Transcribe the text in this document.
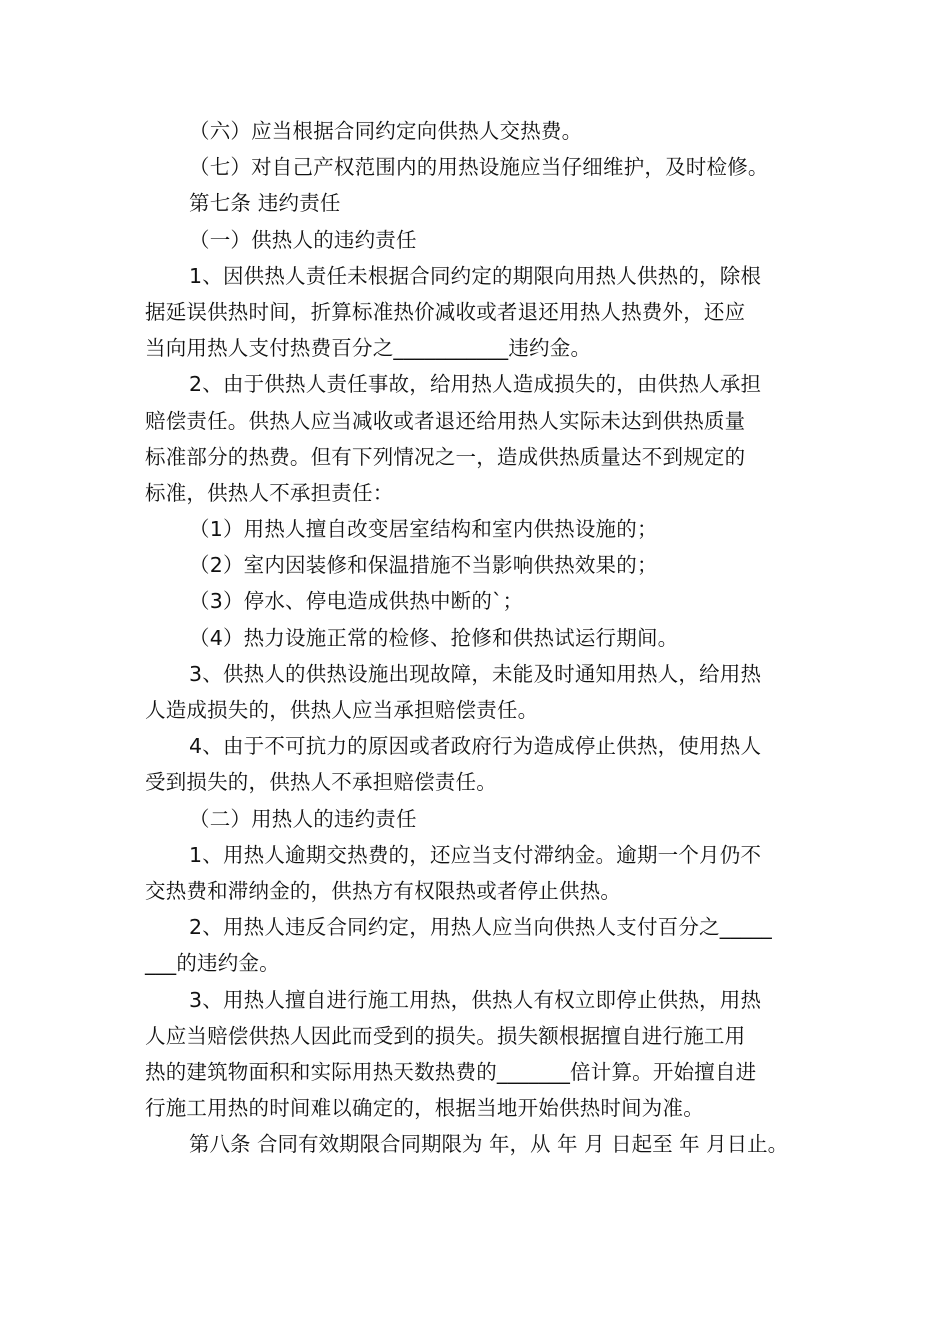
（六）应当根据合同约定向供热人交热费。
（七）对自己产权范围内的用热设施应当仔细维护，及时检修。
第七条 违约责任
（一）供热人的违约责任
1、因供热人责任未根据合同约定的期限向用热人供热的，除根
据延误供热时间，折算标准热价减收或者退还用热人热费外，还应
当向用热人支付热费百分之___________违约金。
2、由于供热人责任事故，给用热人造成损失的，由供热人承担
赔偿责任。供热人应当减收或者退还给用热人实际未达到供热质量
标准部分的热费。但有下列情况之一，造成供热质量达不到规定的
标准，供热人不承担责任：
（1）用热人擅自改变居室结构和室内供热设施的；
（2）室内因装修和保温措施不当影响供热效果的；
（3）停水、停电造成供热中断的`；
（4）热力设施正常的检修、抢修和供热试运行期间。
3、供热人的供热设施出现故障，未能及时通知用热人，给用热
人造成损失的，供热人应当承担赔偿责任。
4、由于不可抗力的原因或者政府行为造成停止供热，使用热人
受到损失的，供热人不承担赔偿责任。
（二）用热人的违约责任
1、用热人逾期交热费的，还应当支付滞纳金。逾期一个月仍不
交热费和滞纳金的，供热方有权限热或者停止供热。
2、用热人违反合同约定，用热人应当向供热人支付百分之_____
___的违约金。
3、用热人擅自进行施工用热，供热人有权立即停止供热，用热
人应当赔偿供热人因此而受到的损失。损失额根据擅自进行施工用
热的建筑物面积和实际用热天数热费的_______倍计算。开始擅自进
行施工用热的时间难以确定的，根据当地开始供热时间为准。
第八条 合同有效期限合同期限为 年，从 年 月 日起至 年 月日止。
